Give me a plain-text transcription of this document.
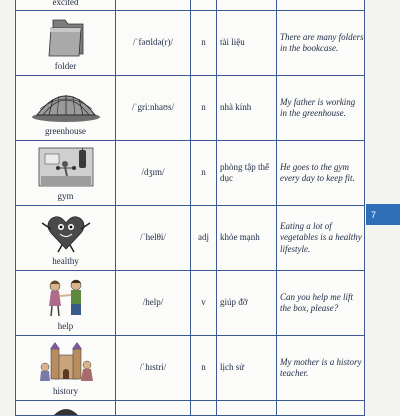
excited				

folder	/ˈfəʊldə(r)/	n	tài liệu	There are many folders in the bookcase.

greenhouse	/ˈgriːnhaʊs/	n	nhà kính	My father is working in the greenhouse.

gym	/dʒɪm/	n	phòng tập thể dục	He goes to the gym every day to keep fit.

healthy	/ˈhelθi/	adj	khỏe mạnh	Eating a lot of vegetables is a healthy lifestyle.

help	/help/	v	giúp đỡ	Can you help me lift the box, please?

history	/ˈhɪstri/	n	lịch sử	My mother is a history teacher.

7
